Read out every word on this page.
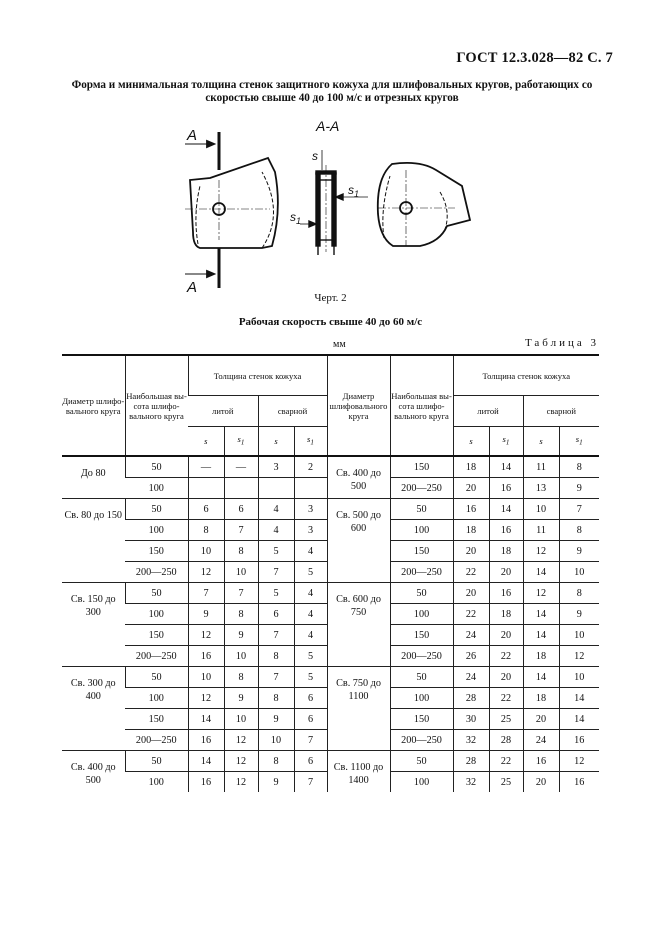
ГОСТ 12.3.028—82 С. 7
Форма и минимальная толщина стенок защитного кожуха для шлифовальных кругов, работающих со скоростью свыше 40 до 100 м/с и отрезных кругов
А
А
А-А
s
$s_1$
$s_1$
Черт. 2
Рабочая скорость свыше 40 до 60 м/с
мм	Таблица 3
Диаметр шлифовального круга	Наибольшая высота шлифовального круга	Толщина стенок кожуха				Диаметр шлифовального круга	Наибольшая высота шлифовального круга	Толщина стенок кожуха			
		литой		сварной				литой		сварной	
		s	$s_1$	s	$s_1$			s	$s_1$	s	$s_1$
До 80	50	—	—	3	2	Св. 400 до 500	150	18	14	11	8
	100						200—250	20	16	13	9
Св. 80 до 150	50	6	6	4	3	Св. 500 до 600	50	16	14	10	7
	100	8	7	4	3		100	18	16	11	8
	150	10	8	5	4		150	20	18	12	9
	200—250	12	10	7	5		200—250	22	20	14	10
Св. 150 до 300	50	7	7	5	4	Св. 600 до 750	50	20	16	12	8
	100	9	8	6	4		100	22	18	14	9
	150	12	9	7	4		150	24	20	14	10
	200—250	16	10	8	5		200—250	26	22	18	12
Св. 300 до 400	50	10	8	7	5	Св. 750 до 1100	50	24	20	14	10
	100	12	9	8	6		100	28	22	18	14
	150	14	10	9	6		150	30	25	20	14
	200—250	16	12	10	7		200—250	32	28	24	16
Св. 400 до 500	50	14	12	8	6	Св. 1100 до 1400	50	28	22	16	12
	100	16	12	9	7		100	32	25	20	16
